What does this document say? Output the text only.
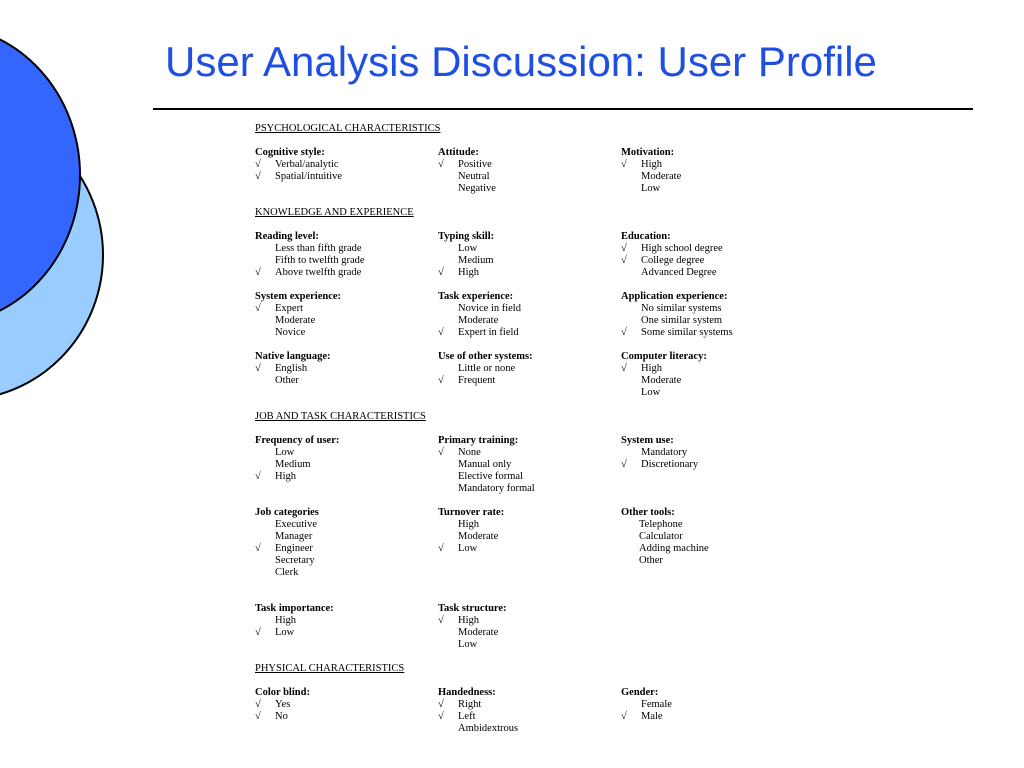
User Analysis Discussion: User Profile
PSYCHOLOGICAL CHARACTERISTICS
Cognitive style:
√	Verbal/analytic
√	Spatial/intuitive
Attitude:
√	Positive
Neutral
Negative
Motivation:
√	High
Moderate
Low
KNOWLEDGE AND EXPERIENCE
Reading level:
Less than fifth grade
Fifth to twelfth grade
√	Above twelfth grade
Typing skill:
Low
Medium
√	High
Education:
√	High school degree
√	College degree
Advanced Degree
System experience:
√	Expert
Moderate
Novice
Task experience:
Novice in field
Moderate
√	Expert in field
Application experience:
No similar systems
One similar system
√	Some similar systems
Native language:
√	English
Other
Use of other systems:
Little or none
√	Frequent
Computer literacy:
√	High
Moderate
Low
JOB AND TASK CHARACTERISTICS
Frequency of user:
Low
Medium
√	High
Primary training:
√	None
Manual only
Elective formal
Mandatory formal
System use:
Mandatory
√	Discretionary
Job categories
Executive
Manager
√	Engineer
Secretary
Clerk
Turnover rate:
High
Moderate
√	Low
Other tools:
Telephone
Calculator
Adding machine
Other
Task importance:
High
√	Low
Task structure:
√	High
Moderate
Low
PHYSICAL CHARACTERISTICS
Color blind:
√	Yes
√	No
Handedness:
√	Right
√	Left
Ambidextrous
Gender:
Female
√	Male
